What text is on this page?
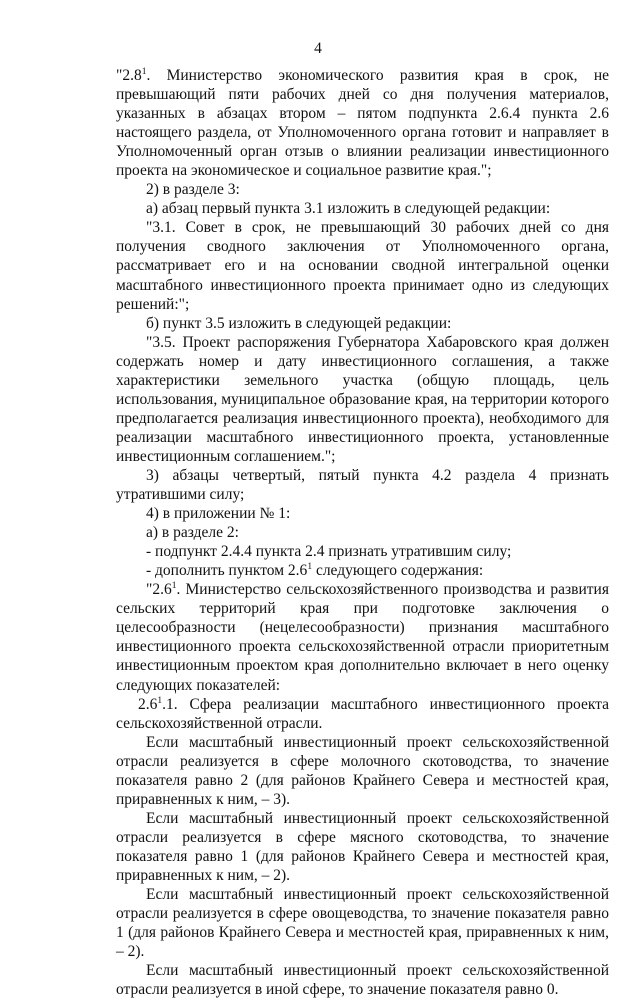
4

"$2.8^1$. Министерство экономического развития края в срок, не превышающий пяти рабочих дней со дня получения материалов, указанных в абзацах втором – пятом подпункта 2.6.4 пункта 2.6 настоящего раздела, от Уполномоченного органа готовит и направляет в Уполномоченный орган отзыв о влиянии реализации инвестиционного проекта на экономическое и социальное развитие края.";

2) в разделе 3:

а) абзац первый пункта 3.1 изложить в следующей редакции:

"3.1. Совет в срок, не превышающий 30 рабочих дней со дня получения сводного заключения от Уполномоченного органа, рассматривает его и на основании сводной интегральной оценки масштабного инвестиционного проекта принимает одно из следующих решений:";

б) пункт 3.5 изложить в следующей редакции:

"3.5. Проект распоряжения Губернатора Хабаровского края должен содержать номер и дату инвестиционного соглашения, а также характеристики земельного участка (общую площадь, цель использования, муниципальное образование края, на территории которого предполагается реализация инвестиционного проекта), необходимого для реализации масштабного инвестиционного проекта, установленные инвестиционным соглашением.";

3) абзацы четвертый, пятый пункта 4.2 раздела 4 признать утратившими силу;

4) в приложении № 1:

а) в разделе 2:

- подпункт 2.4.4 пункта 2.4 признать утратившим силу;

- дополнить пунктом $2.6^1$ следующего содержания:

"$2.6^1$. Министерство сельскохозяйственного производства и развития сельских территорий края при подготовке заключения о целесообразности (нецелесообразности) признания масштабного инвестиционного проекта сельскохозяйственной отрасли приоритетным инвестиционным проектом края дополнительно включает в него оценку следующих показателей:

$2.6^1.1$. Сфера реализации масштабного инвестиционного проекта сельскохозяйственной отрасли.

Если масштабный инвестиционный проект сельскохозяйственной отрасли реализуется в сфере молочного скотоводства, то значение показателя равно 2 (для районов Крайнего Севера и местностей края, приравненных к ним, – 3).

Если масштабный инвестиционный проект сельскохозяйственной отрасли реализуется в сфере мясного скотоводства, то значение показателя равно 1 (для районов Крайнего Севера и местностей края, приравненных к ним, – 2).

Если масштабный инвестиционный проект сельскохозяйственной отрасли реализуется в сфере овощеводства, то значение показателя равно 1 (для районов Крайнего Севера и местностей края, приравненных к ним, – 2).

Если масштабный инвестиционный проект сельскохозяйственной отрасли реализуется в иной сфере, то значение показателя равно 0.
